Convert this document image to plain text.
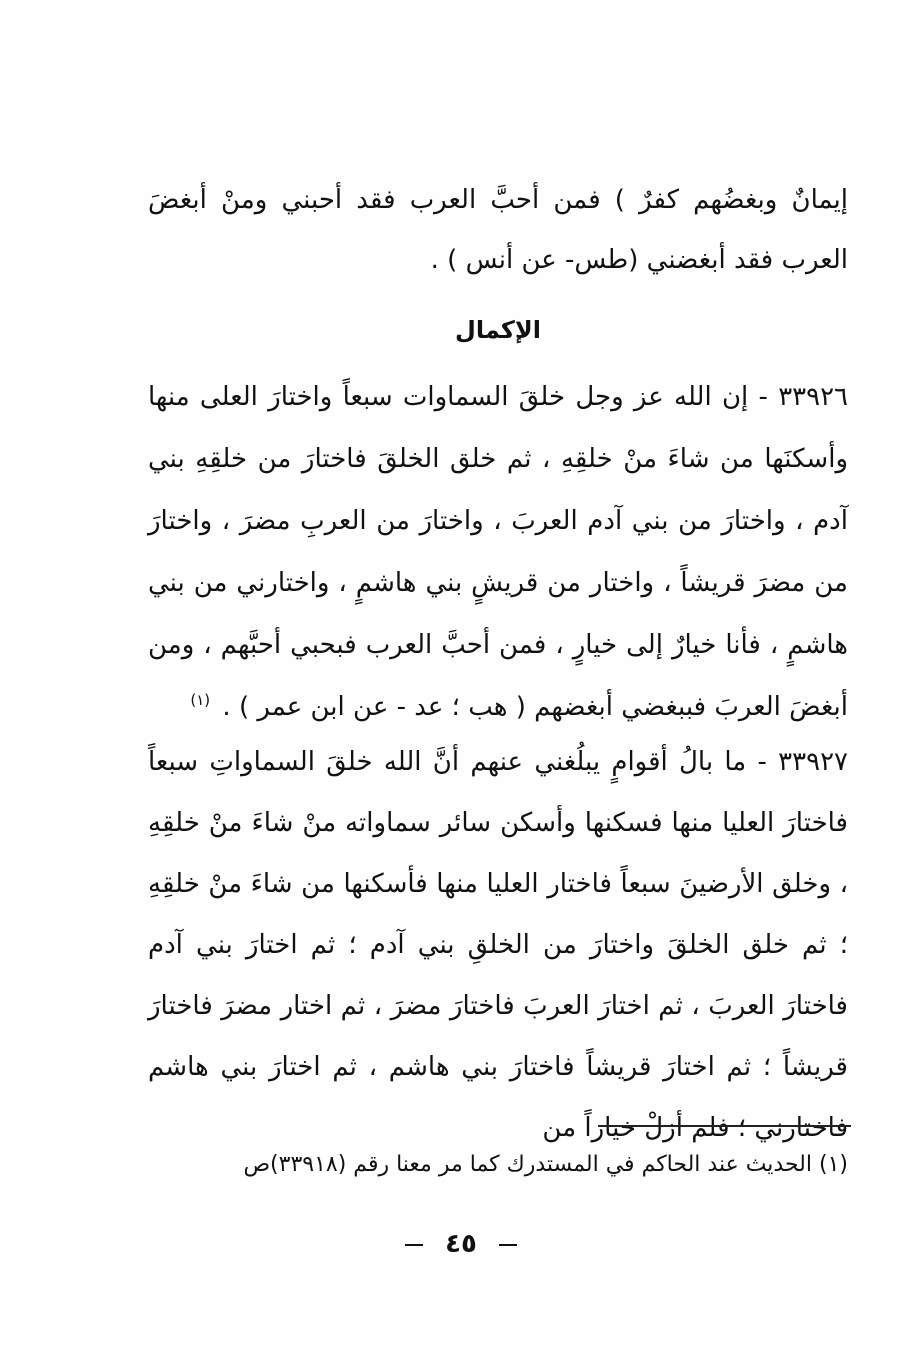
إيمانٌ وبغضُهم كفرٌ ) فمن أحبَّ العرب فقد أحبني ومنْ أبغضَ العرب فقد أبغضني (طس- عن أنس ) .

الإكمال

٣٣٩٢٦ - إن الله عز وجل خلقَ السماوات سبعاً واختارَ العلى منها وأسكنَها من شاءَ منْ خلقِهِ ، ثم خلق الخلقَ فاختارَ من خلقِهِ بني آدم ، واختارَ من بني آدم العربَ ، واختارَ من العربِ مضرَ ، واختارَ من مضرَ قريشاً ، واختار من قريشٍ بني هاشمٍ ، واختارني من بني هاشمٍ ، فأنا خيارٌ إلى خيارٍ ، فمن أحبَّ العرب فبحبي أحبَّهم ، ومن أبغضَ العربَ فببغضي أبغضهم ( هب ؛ عد - عن ابن عمر ) . $^{(١)}$

٣٣٩٢٧ - ما بالُ أقوامٍ يبلُغني عنهم أنَّ الله خلقَ السماواتِ سبعاً فاختارَ العليا منها فسكنها وأسكن سائر سماواته منْ شاءَ منْ خلقِهِ ، وخلق الأرضينَ سبعاً فاختار العليا منها فأسكنها من شاءَ منْ خلقِهِ ؛ ثم خلق الخلقَ واختارَ من الخلقِ بني آدم ؛ ثم اختارَ بني آدم فاختارَ العربَ ، ثم اختارَ العربَ فاختارَ مضرَ ، ثم اختار مضرَ فاختارَ قريشاً ؛ ثم اختارَ قريشاً فاختارَ بني هاشم ، ثم اختارَ بني هاشم فاختارني ؛ فلم أزلْ خياراً من

(١) الحديث عند الحاكم في المستدرك كما مر معنا رقم (٣٣٩١٨)ص

٤٥
